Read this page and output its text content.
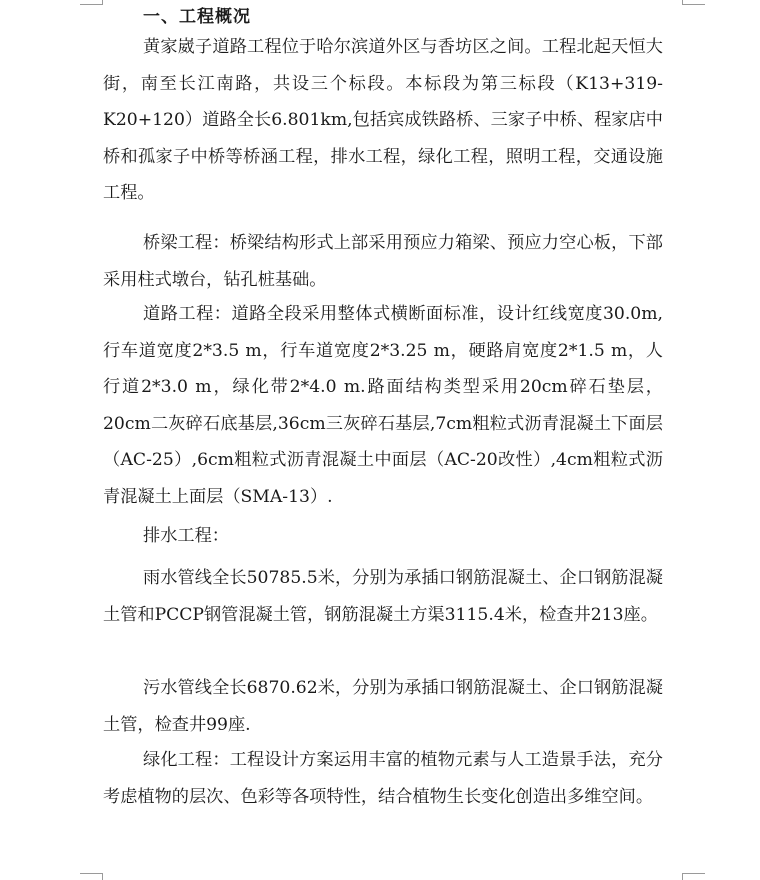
一、工程概况

黄家崴子道路工程位于哈尔滨道外区与香坊区之间。工程北起天恒大街，南至长江南路，共设三个标段。本标段为第三标段（K13+319-K20+120）道路全长6.801km,包括宾成铁路桥、三家子中桥、程家店中桥和孤家子中桥等桥涵工程，排水工程，绿化工程，照明工程，交通设施工程。

桥梁工程：桥梁结构形式上部采用预应力箱梁、预应力空心板，下部采用柱式墩台，钻孔桩基础。

道路工程：道路全段采用整体式横断面标准，设计红线宽度30.0m,行车道宽度2*3.5 m，行车道宽度2*3.25 m，硬路肩宽度2*1.5 m，人行道2*3.0 m，绿化带2*4.0 m.路面结构类型采用20cm碎石垫层，20cm二灰碎石底基层,36cm三灰碎石基层,7cm粗粒式沥青混凝土下面层（AC-25）,6cm粗粒式沥青混凝土中面层（AC-20改性）,4cm粗粒式沥青混凝土上面层（SMA-13）.

排水工程：

雨水管线全长50785.5米，分别为承插口钢筋混凝土、企口钢筋混凝土管和PCCP钢管混凝土管，钢筋混凝土方渠3115.4米，检查井213座。

污水管线全长6870.62米，分别为承插口钢筋混凝土、企口钢筋混凝土管，检查井99座.

绿化工程：工程设计方案运用丰富的植物元素与人工造景手法，充分考虑植物的层次、色彩等各项特性，结合植物生长变化创造出多维空间。
